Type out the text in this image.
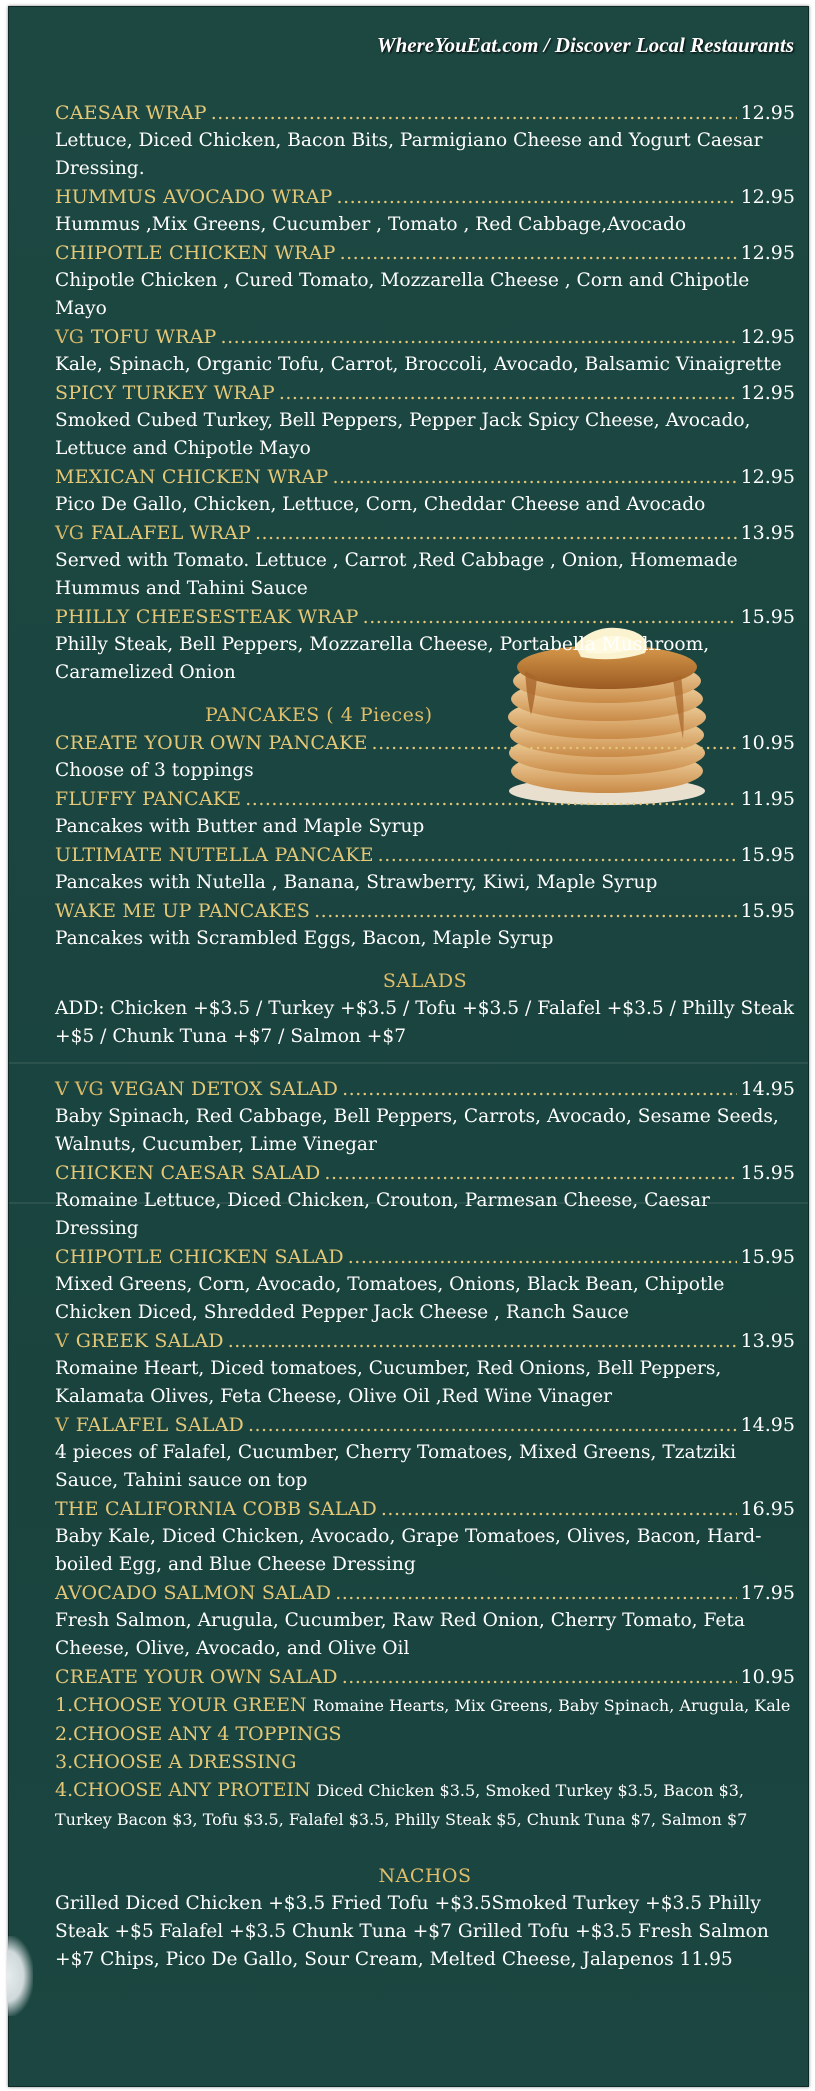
WhereYouEat.com / Discover Local Restaurants
CAESAR WRAP .....	12.95
Lettuce, Diced Chicken, Bacon Bits, Parmigiano Cheese and Yogurt Caesar Dressing.
HUMMUS AVOCADO WRAP .....	12.95
Hummus ,Mix Greens, Cucumber , Tomato , Red Cabbage,Avocado
CHIPOTLE CHICKEN WRAP .....	12.95
Chipotle Chicken , Cured Tomato, Mozzarella Cheese , Corn and Chipotle Mayo
VG TOFU WRAP .....	12.95
Kale, Spinach, Organic Tofu, Carrot, Broccoli, Avocado, Balsamic Vinaigrette
SPICY TURKEY WRAP .....	12.95
Smoked Cubed Turkey, Bell Peppers, Pepper Jack Spicy Cheese, Avocado, Lettuce and Chipotle Mayo
MEXICAN CHICKEN WRAP .....	12.95
Pico De Gallo, Chicken, Lettuce, Corn, Cheddar Cheese and Avocado
VG FALAFEL WRAP .....	13.95
Served with Tomato. Lettuce , Carrot ,Red Cabbage , Onion, Homemade Hummus and Tahini Sauce
PHILLY CHEESESTEAK WRAP .....	15.95
Philly Steak, Bell Peppers, Mozzarella Cheese, Portabella Mushroom, Caramelized Onion
PANCAKES ( 4 Pieces)
CREATE YOUR OWN PANCAKE .....	10.95
Choose of 3 toppings
FLUFFY PANCAKE .....	11.95
Pancakes with Butter and Maple Syrup
ULTIMATE NUTELLA PANCAKE .....	15.95
Pancakes with Nutella , Banana, Strawberry, Kiwi, Maple Syrup
WAKE ME UP PANCAKES .....	15.95
Pancakes with Scrambled Eggs, Bacon, Maple Syrup
SALADS
ADD: Chicken +$3.5 / Turkey +$3.5 / Tofu +$3.5 / Falafel +$3.5 / Philly Steak +$5 / Chunk Tuna +$7 / Salmon +$7
V VG VEGAN DETOX SALAD .....	14.95
Baby Spinach, Red Cabbage, Bell Peppers, Carrots, Avocado, Sesame Seeds, Walnuts, Cucumber, Lime Vinegar
CHICKEN CAESAR SALAD .....	15.95
Romaine Lettuce, Diced Chicken, Crouton, Parmesan Cheese, Caesar Dressing
CHIPOTLE CHICKEN SALAD .....	15.95
Mixed Greens, Corn, Avocado, Tomatoes, Onions, Black Bean, Chipotle Chicken Diced, Shredded Pepper Jack Cheese , Ranch Sauce
V GREEK SALAD .....	13.95
Romaine Heart, Diced tomatoes, Cucumber, Red Onions, Bell Peppers, Kalamata Olives, Feta Cheese, Olive Oil ,Red Wine Vinager
V FALAFEL SALAD .....	14.95
4 pieces of Falafel, Cucumber, Cherry Tomatoes, Mixed Greens, Tzatziki Sauce, Tahini sauce on top
THE CALIFORNIA COBB SALAD .....	16.95
Baby Kale, Diced Chicken, Avocado, Grape Tomatoes, Olives, Bacon, Hard-boiled Egg, and Blue Cheese Dressing
AVOCADO SALMON SALAD .....	17.95
Fresh Salmon, Arugula, Cucumber, Raw Red Onion, Cherry Tomato, Feta Cheese, Olive, Avocado, and Olive Oil
CREATE YOUR OWN SALAD .....	10.95
1.CHOOSE YOUR GREEN Romaine Hearts, Mix Greens, Baby Spinach, Arugula, Kale
2.CHOOSE ANY 4 TOPPINGS
3.CHOOSE A DRESSING
4.CHOOSE ANY PROTEIN Diced Chicken $3.5, Smoked Turkey $3.5, Bacon $3,
Turkey Bacon $3, Tofu $3.5, Falafel $3.5, Philly Steak $5, Chunk Tuna $7, Salmon $7
NACHOS
Grilled Diced Chicken +$3.5 Fried Tofu +$3.5Smoked Turkey +$3.5 Philly Steak +$5 Falafel +$3.5 Chunk Tuna +$7 Grilled Tofu +$3.5 Fresh Salmon +$7 Chips, Pico De Gallo, Sour Cream, Melted Cheese, Jalapenos 11.95
